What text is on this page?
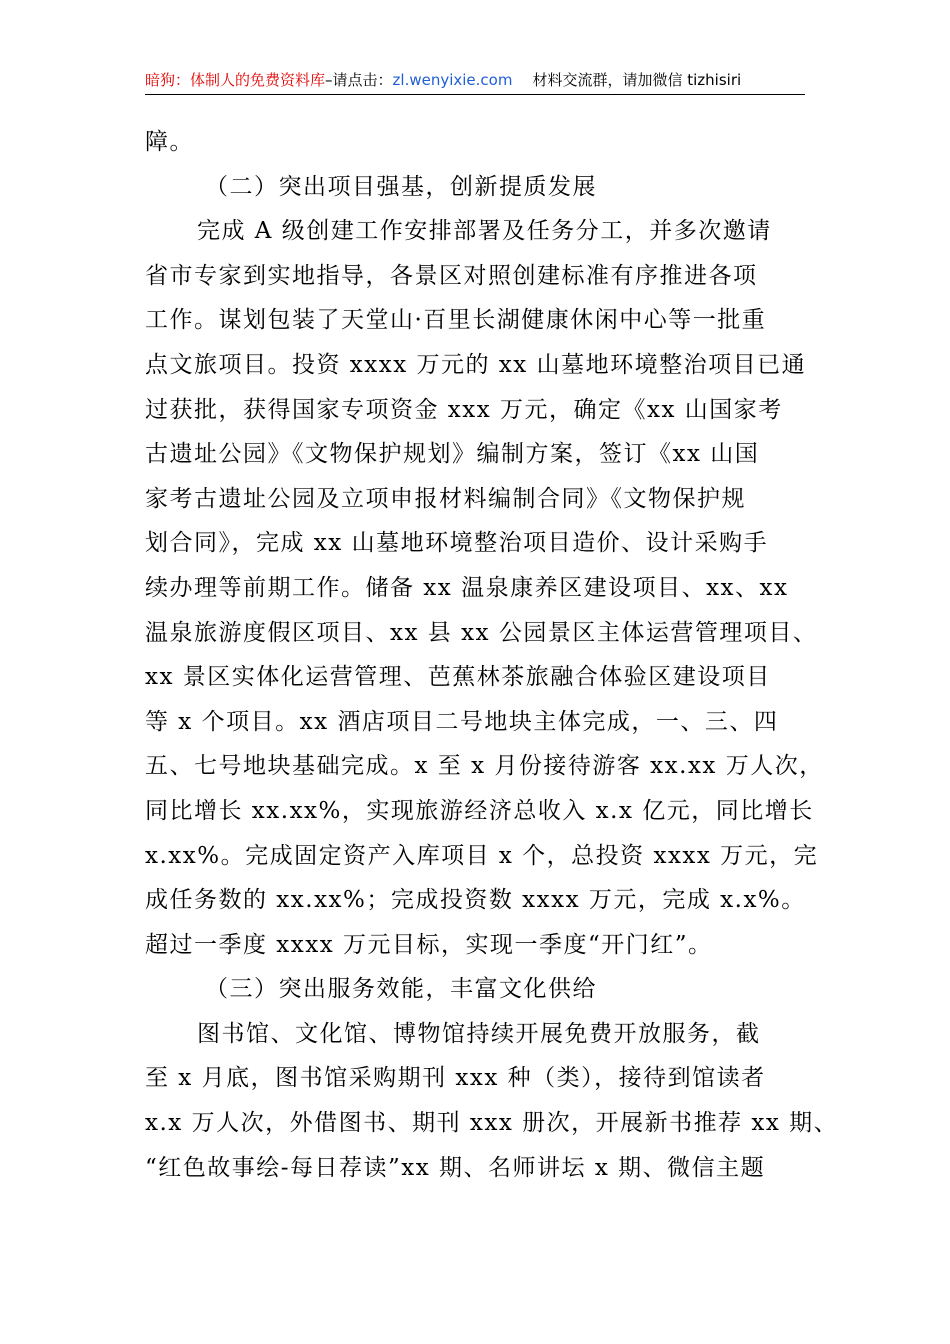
暗狗：体制人的免费资料库–请点击：zl.wenyixie.com 材料交流群，请加微信 tizhisiri
障。
（二）突出项目强基，创新提质发展
完成 A 级创建工作安排部署及任务分工，并多次邀请
省市专家到实地指导，各景区对照创建标准有序推进各项
工作。谋划包装了天堂山·百里长湖健康休闲中心等一批重
点文旅项目。投资 xxxx 万元的 xx 山墓地环境整治项目已通
过获批，获得国家专项资金 xxx 万元，确定《xx 山国家考
古遗址公园》《文物保护规划》编制方案，签订《xx 山国
家考古遗址公园及立项申报材料编制合同》《文物保护规
划合同》，完成 xx 山墓地环境整治项目造价、设计采购手
续办理等前期工作。储备 xx 温泉康养区建设项目、xx、xx
温泉旅游度假区项目、xx 县 xx 公园景区主体运营管理项目、
xx 景区实体化运营管理、芭蕉林茶旅融合体验区建设项目
等 x 个项目。xx 酒店项目二号地块主体完成，一、三、四
五、七号地块基础完成。x 至 x 月份接待游客 xx.xx 万人次，
同比增长 xx.xx%，实现旅游经济总收入 x.x 亿元，同比增长
x.xx%。完成固定资产入库项目 x 个，总投资 xxxx 万元，完
成任务数的 xx.xx%；完成投资数 xxxx 万元，完成 x.x%。
超过一季度 xxxx 万元目标，实现一季度“开门红”。
（三）突出服务效能，丰富文化供给
图书馆、文化馆、博物馆持续开展免费开放服务，截
至 x 月底，图书馆采购期刊 xxx 种（类），接待到馆读者
x.x 万人次，外借图书、期刊 xxx 册次，开展新书推荐 xx 期、
“红色故事绘-每日荐读”xx 期、名师讲坛 x 期、微信主题
